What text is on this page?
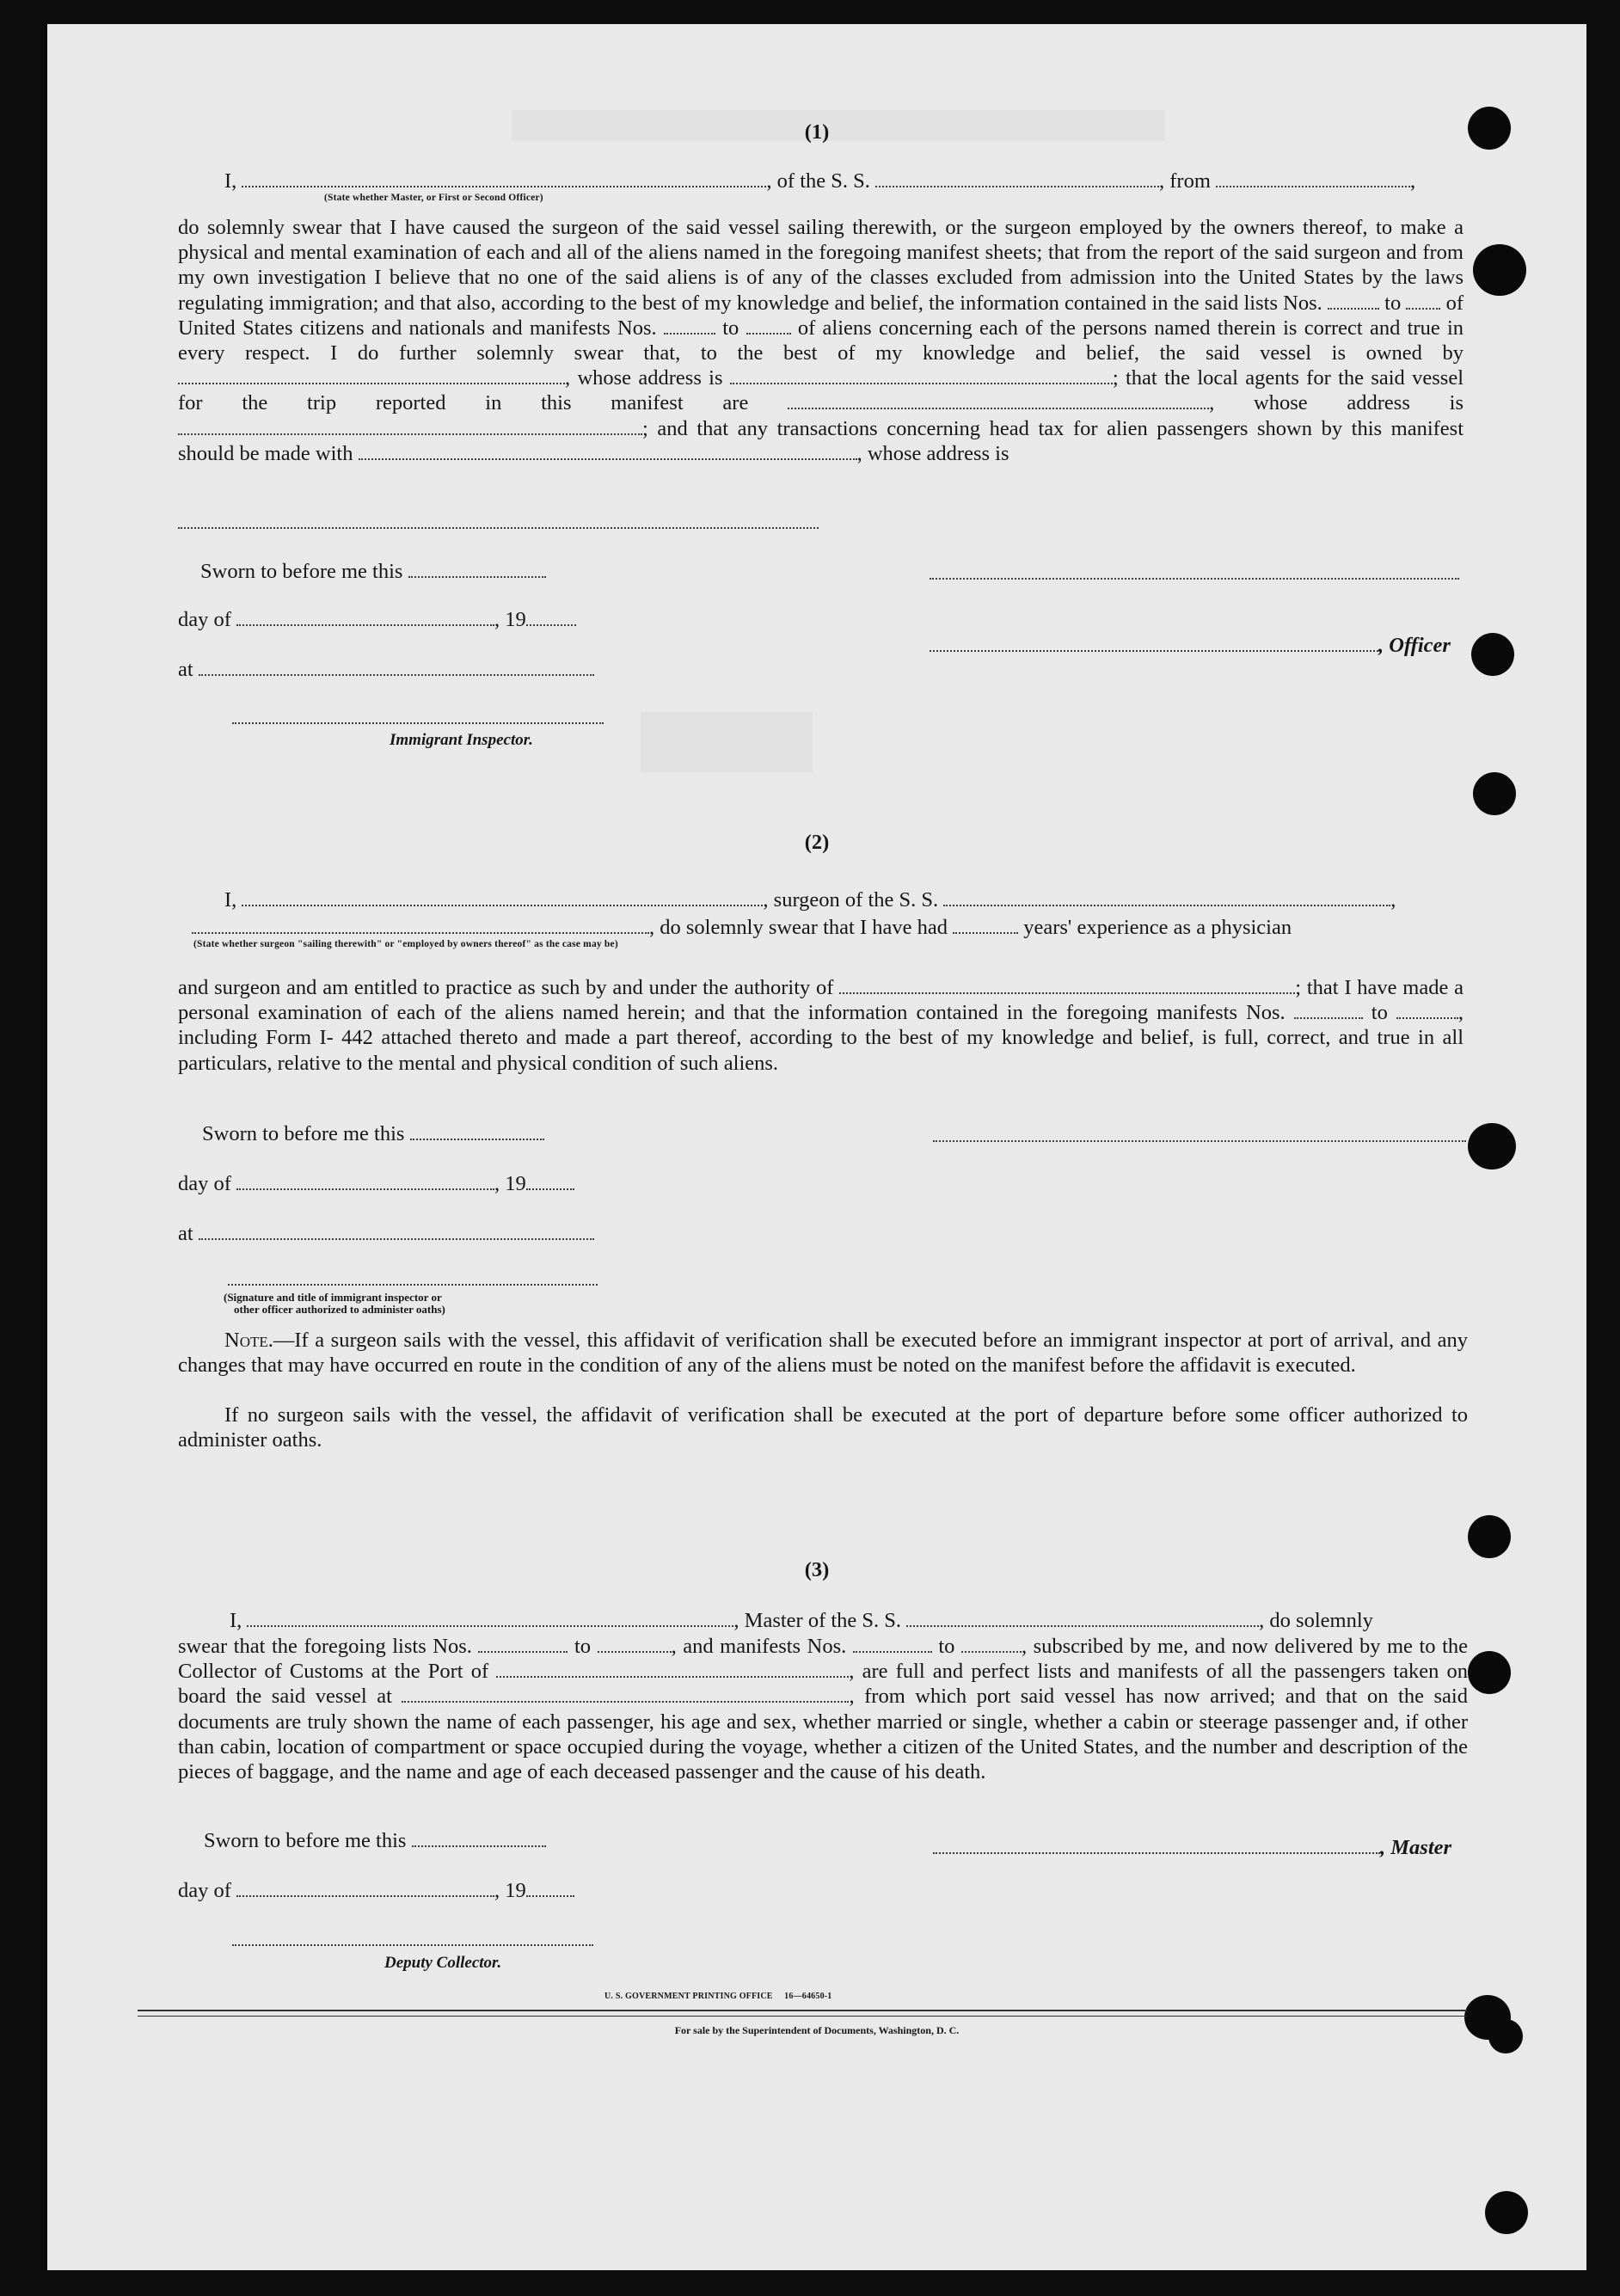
(1)
I,	, of the S. S.	, from	,
(State whether Master, or First or Second Officer)

do solemnly swear that I have caused the surgeon of the said vessel sailing therewith, or the surgeon employed by the owners thereof, to make a physical and mental examination of each and all of the aliens named in the foregoing manifest sheets; that from the report of the said surgeon and from my own investigation I believe that no one of the said aliens is of any of the classes excluded from admission into the United States by the laws regulating immigration; and that also, according to the best of my knowledge and belief, the information contained in the said lists Nos.	to of United States citizens and nationals and manifests Nos.	to	of aliens concerning each of the persons named therein is correct and true in every respect. I do further solemnly swear that, to the best of my knowledge and belief, the said vessel is owned by , whose address is	; that the local agents for the said vessel for the trip reported in this manifest are	, whose address is ; and that any transactions concerning head tax for alien passengers shown by this manifest should be made with	, whose address is

Sworn to before me this
day of	, 19
, Officer
at
Immigrant Inspector.
(2)
I,	, surgeon of the S. S.	,
, do solemnly swear that I have had	years' experience as a physician
(State whether surgeon "sailing therewith" or "employed by owners thereof" as the case may be)

and surgeon and am entitled to practice as such by and under the authority of	; that I have made a personal examination of each of the aliens named herein; and that the information contained in the foregoing manifests Nos.	to	, including Form I- 442 attached thereto and made a part thereof, according to the best of my knowledge and belief, is full, correct, and true in all particulars, relative to the mental and physical condition of such aliens.

Sworn to before me this
day of	, 19
at
(Signature and title of immigrant inspector or
other officer authorized to administer oaths)

Note.—If a surgeon sails with the vessel, this affidavit of verification shall be executed before an immigrant inspector at port of arrival, and any changes that may have occurred en route in the condition of any of the aliens must be noted on the manifest before the affidavit is executed.

If no surgeon sails with the vessel, the affidavit of verification shall be executed at the port of departure before some officer authorized to administer oaths.

(3)
I,	, Master of the S. S.	, do solemnly

swear that the foregoing lists Nos.	to	, and manifests Nos.	to	, subscribed by me, and now delivered by me to the Collector of Customs at the Port of	, are full and perfect lists and manifests of all the passengers taken on board the said vessel at	, from which port said vessel has now arrived; and that on the said documents are truly shown the name of each passenger, his age and sex, whether married or single, whether a cabin or steerage passenger and, if other than cabin, location of compartment or space occupied during the voyage, whether a citizen of the United States, and the number and description of the pieces of baggage, and the name and age of each deceased passenger and the cause of his death.

Sworn to before me this	, Master
day of	, 19
Deputy Collector.
U. S. GOVERNMENT PRINTING OFFICE     16—64650-1
For sale by the Superintendent of Documents, Washington, D. C.
